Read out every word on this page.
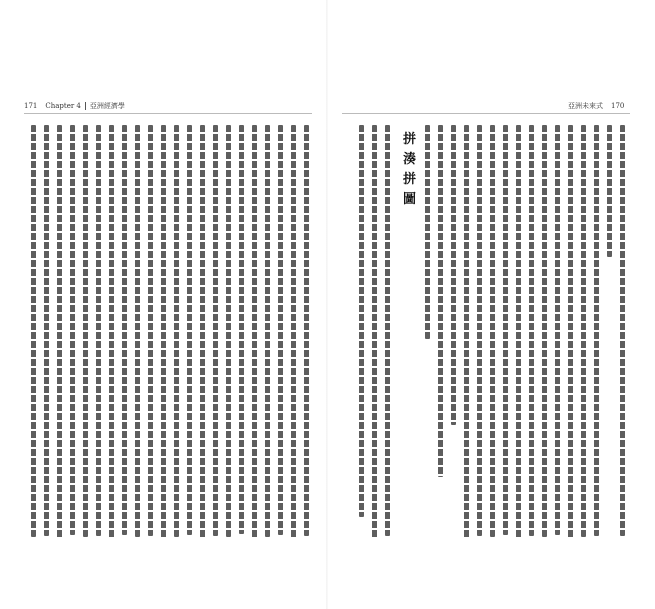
171 Chapter 4 亞洲經濟學	亞洲未來式 170
拼湊拼圖
